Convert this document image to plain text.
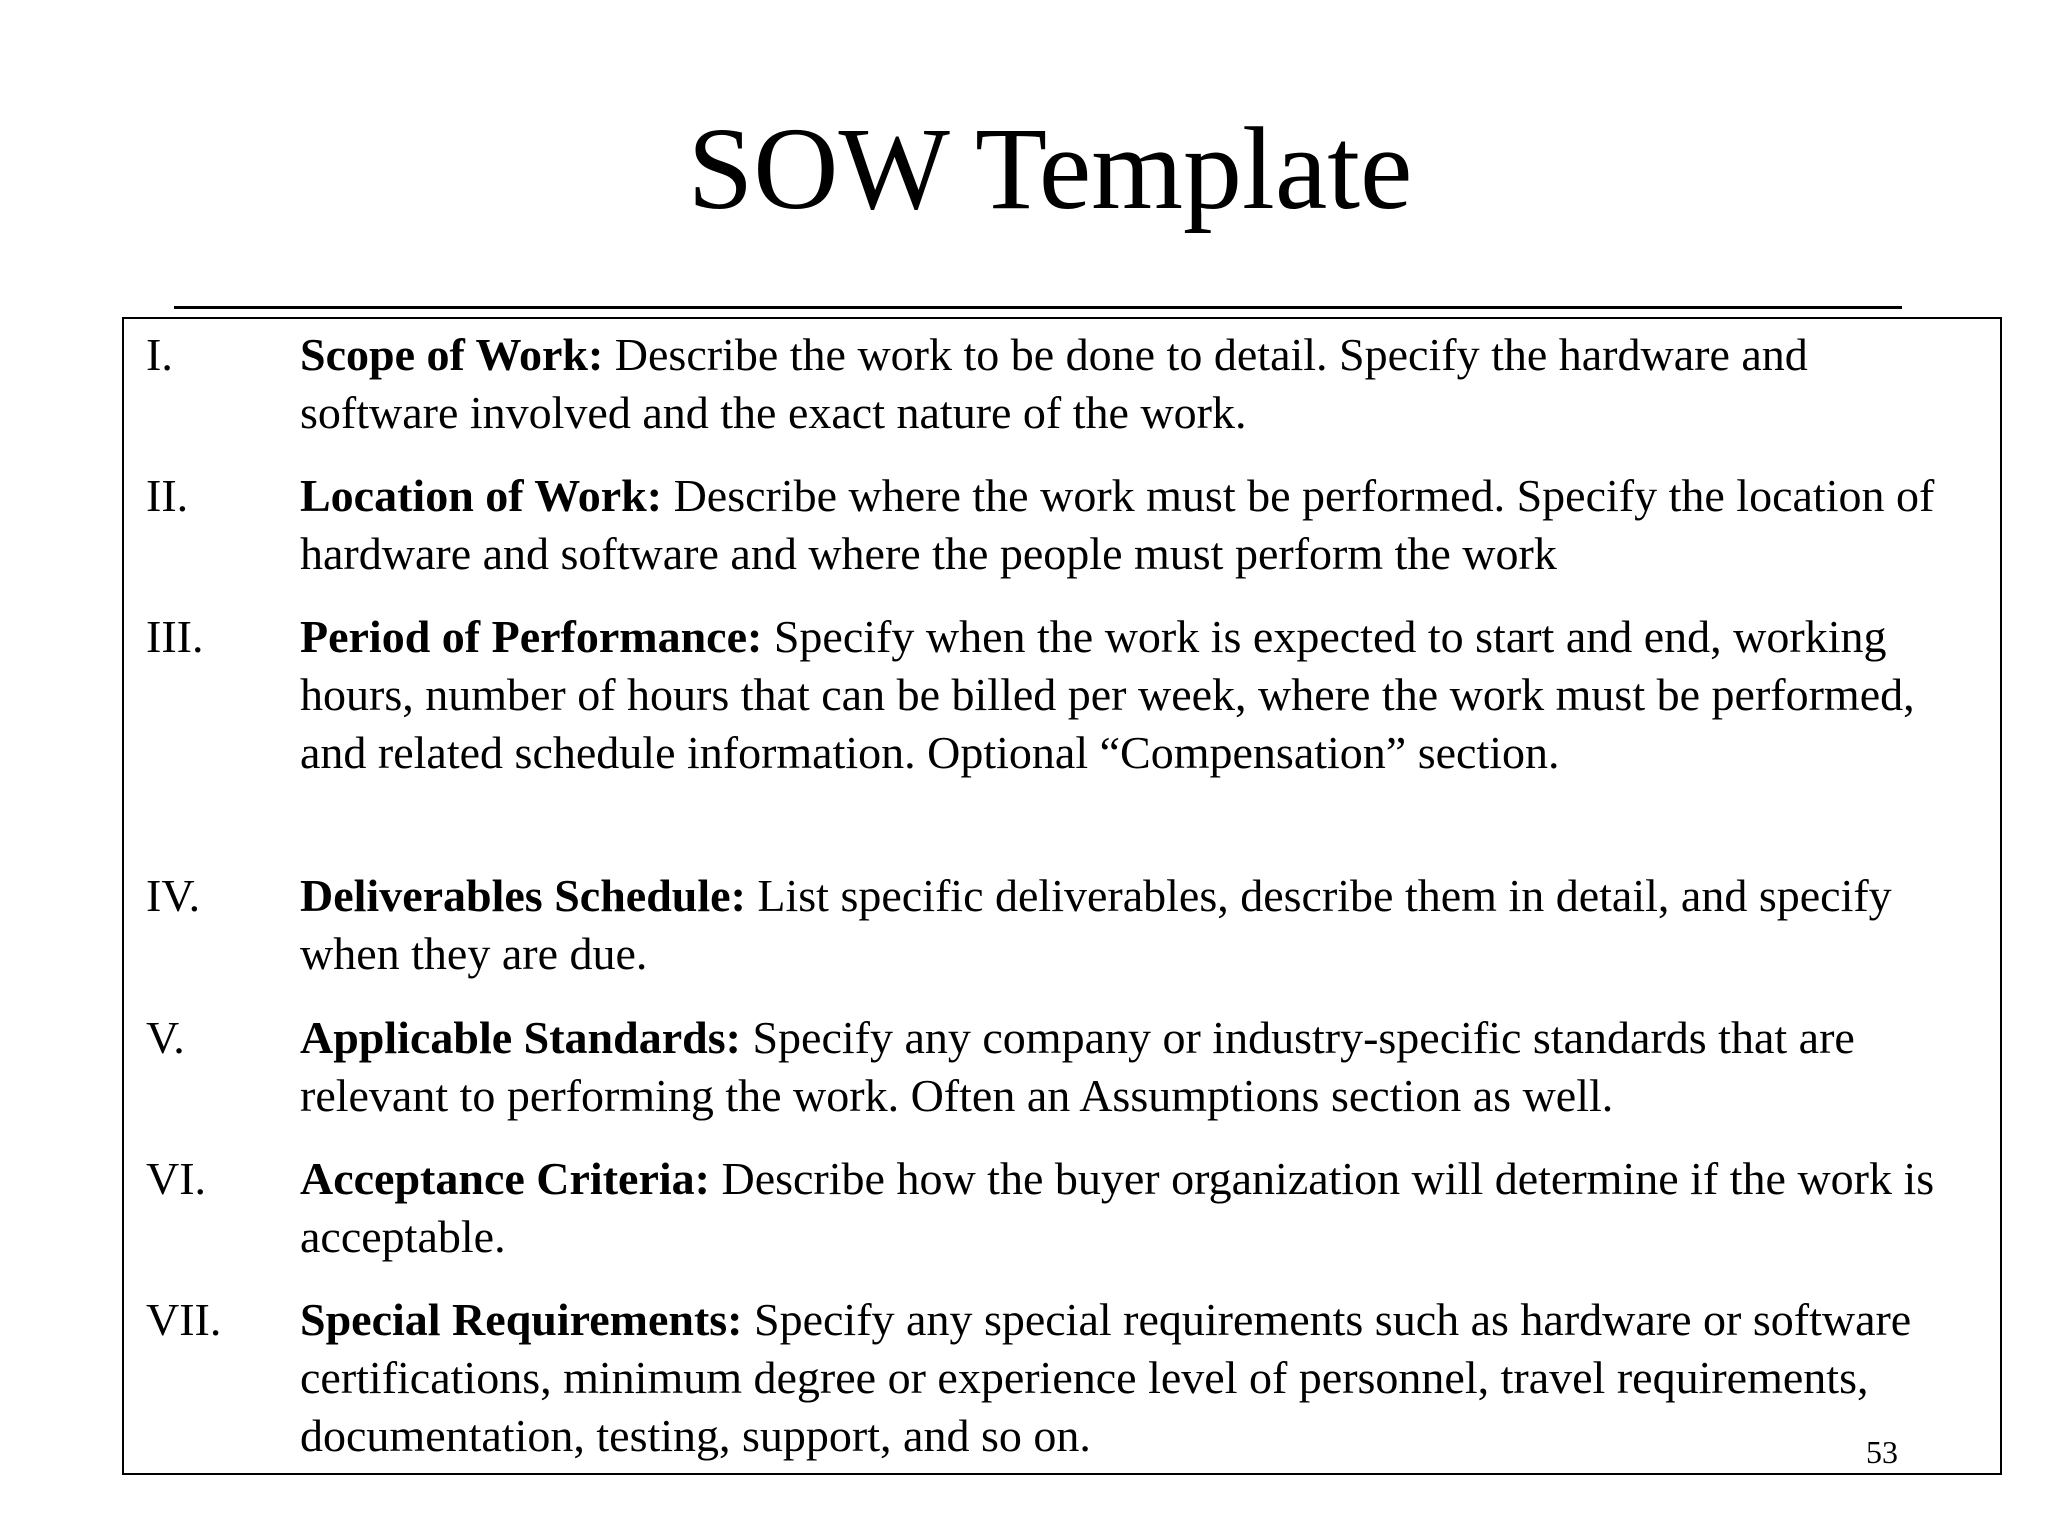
SOW Template
I.	Scope of Work: Describe the work to be done to detail. Specify the hardware and software involved and the exact nature of the work.
II. Location of Work: Describe where the work must be performed. Specify the location of hardware and software and where the people must perform the work
III. Period of Performance: Specify when the work is expected to start and end, working hours, number of hours that can be billed per week, where the work must be performed, and related schedule information. Optional “Compensation” section.
IV. Deliverables Schedule: List specific deliverables, describe them in detail, and specify when they are due.
V.	Applicable Standards: Specify any company or industry-specific standards that are relevant to performing the work. Often an Assumptions section as well.
VI. Acceptance Criteria: Describe how the buyer organization will determine if the work is acceptable.
VII. Special Requirements: Specify any special requirements such as hardware or software certifications, minimum degree or experience level of personnel, travel requirements, documentation, testing, support, and so on.	53
